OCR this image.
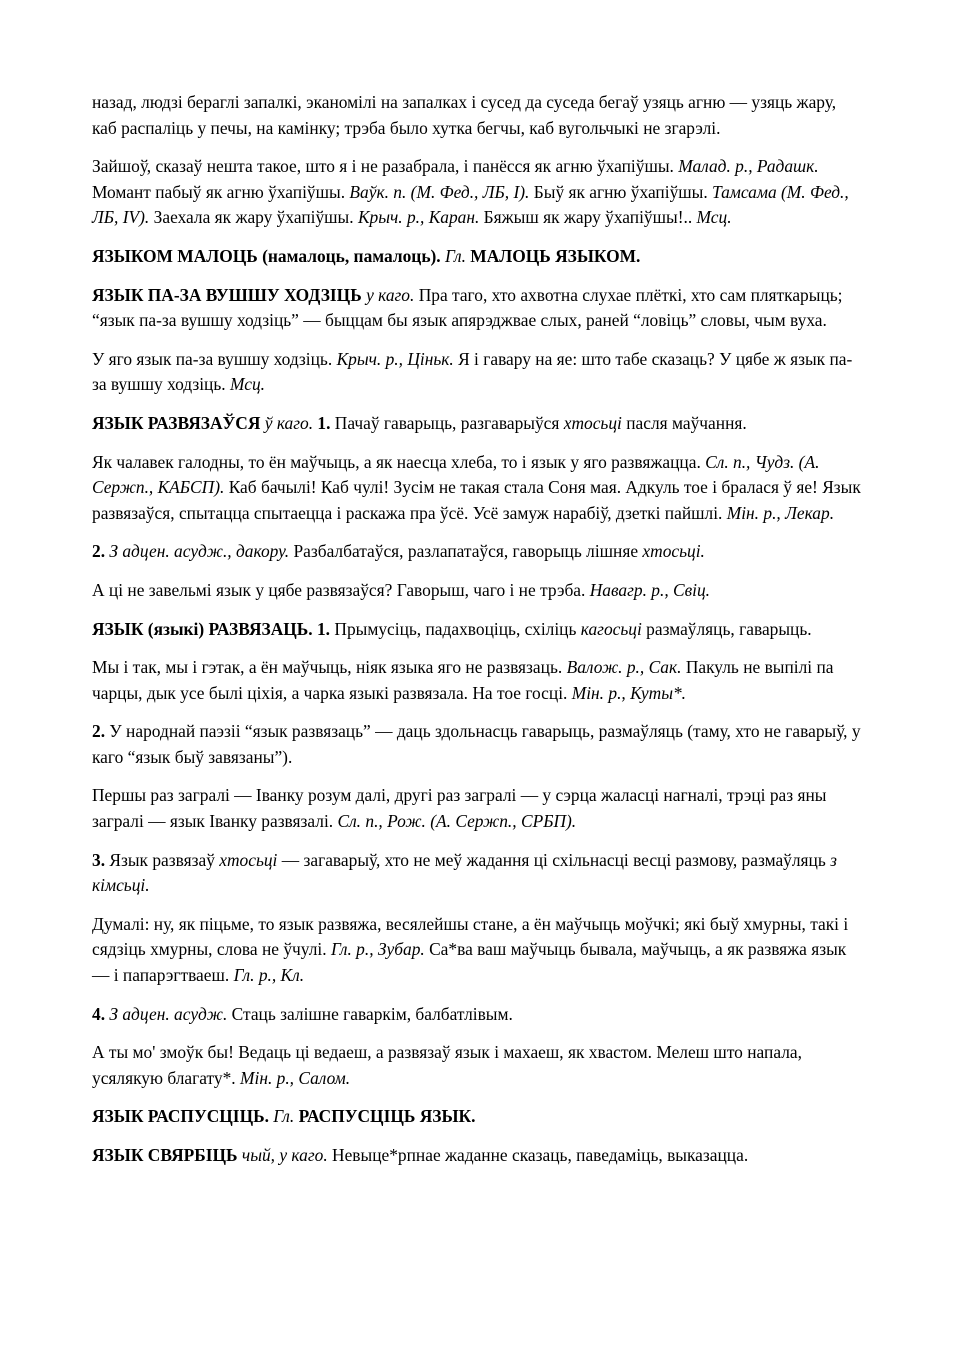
назад, людзі берaглі запалкі, эканомілі на запалках і сусед да суседа бегаў узяць агню — узяць жару, каб распаліць у печы, на камінку; трэба было хутка бегчы, каб вугольчыкі не згарэлі.

Зайшоў, сказаў нешта такое, што я і не разабрала, і панёсся як агню ўхапіўшы. Малад. р., Радашк. Момант пабыў як агню ўхапіўшы. Ваўк. п. (М. Фед., ЛБ, I). Быў як агню ўхапіўшы. Тамсама (М. Фед., ЛБ, IV). Заехала як жару ўхапіўшы. Крыч. р., Каран. Бяжыш як жару ўхапіўшы!.. Мсц.

ЯЗЫКОМ МАЛОЦЬ (намалоць, памалоць). Гл. МАЛОЦЬ ЯЗЫКОМ.

ЯЗЫК ПА-ЗА ВУШШУ ХОДЗІЦЬ у каго. Пра таго, хто ахвотна слухае плёткі, хто сам пляткарыць; “язык па-за вушшу ходзіць” — быццам бы язык апярэджвае слых, раней “ловіць” словы, чым вуха.

У яго язык па-за вушшу ходзіць. Крыч. р., Ціньк. Я і гавару на яе: што табе сказаць? У цябе ж язык па-за вушшу ходзіць. Мсц.

ЯЗЫК РАЗВЯЗАЎСЯ ў каго. 1. Пачаў гаварыць, разгаварыўся хтосьці пасля маўчання.

Як чалавек галодны, то ён маўчыць, а як наесца хлеба, то і язык у яго развяжацца. Сл. п., Чудз. (А. Сержп., КАБСП). Каб бачылі! Каб чулі! Зусім не такая стала Соня мая. Адкуль тое і бралася ў яе! Язык развязаўся, спытацца спытаецца і раскажа пра ўсё. Усё замуж нарабіў, дзеткі пайшлі. Мін. р., Лекар.

2. З адцен. асудж., дакору. Разбалбатаўся, разлапатаўся, гаворыць лішняе хтосьці.

А ці не завельмі язык у цябе развязаўся? Гаворыш, чаго і не трэба. Навагр. р., Свіц.

ЯЗЫК (языкі) РАЗВЯЗАЦЬ. 1. Прымусіць, падахвоціць, схіліць кагосьці размаўляць, гаварыць.

Мы і так, мы і гэтак, а ён маўчыць, ніяк языка яго не развязаць. Валож. р., Сак. Пакуль не выпілі па чарцы, дык усе былі ціхія, а чарка языкі развязала. На тое госці. Мін. р., Куты*.

2. У народнай паэзіі “язык развязаць” — даць здольнасць гаварыць, размаўляць (таму, хто не гаварыў, у каго “язык быў завязаны”).

Першы раз загралі — Іванку розум далі, другі раз загралі — у сэрца жаласці нагналі, трэці раз яны загралі — язык Іванку развязалі. Сл. п., Рож. (А. Сержп., СРБП).

3. Язык развязаў хтосьці — загаварыў, хто не меў жадання ці схільнасці весці размову, размаўляць з кімсьці.

Думалі: ну, як піцьме, то язык развяжа, весялейшы стане, а ён маўчыць моўчкі; які быў хмурны, такі і сядзіць хмурны, слова не ўчулі. Гл. р., Зубар. Са*ва ваш маўчыць бывала, маўчыць, а як развяжа язык — і папарэгтваеш. Гл. р., Кл.

4. З адцен. асудж. Стаць залішне гаваркім, балбатлівым.

А ты мо' змоўк бы! Ведаць ці ведаеш, а развязаў язык і махаеш, як хвастом. Мелеш што напала, усялякую благату*. Мін. р., Салом.

ЯЗЫК РАСПУСЦІЦЬ. Гл. РАСПУСЦІЦЬ ЯЗЫК.

ЯЗЫК СВЯРБІЦЬ чый, у каго. Невыце*рпнае жаданне сказаць, паведаміць, выказацца.
